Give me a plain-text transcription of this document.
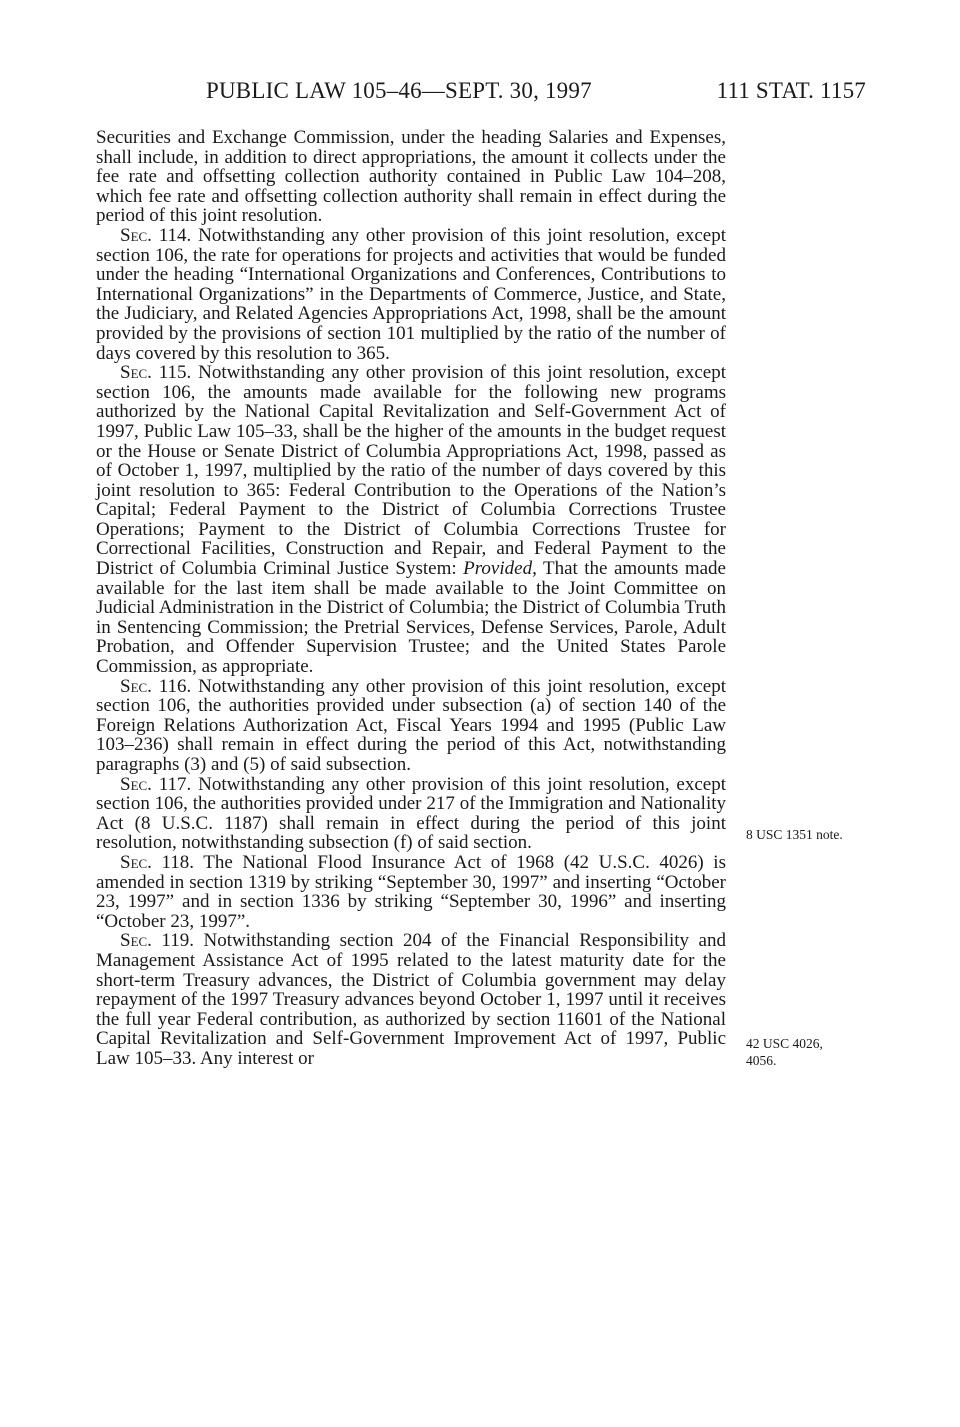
PUBLIC LAW 105–46—SEPT. 30, 1997	111 STAT. 1157

Securities and Exchange Commission, under the heading Salaries and Expenses, shall include, in addition to direct appropriations, the amount it collects under the fee rate and offsetting collection authority contained in Public Law 104–208, which fee rate and offsetting collection authority shall remain in effect during the period of this joint resolution.

Sec. 114. Notwithstanding any other provision of this joint resolution, except section 106, the rate for operations for projects and activities that would be funded under the heading “International Organizations and Conferences, Contributions to International Organizations” in the Departments of Commerce, Justice, and State, the Judiciary, and Related Agencies Appropriations Act, 1998, shall be the amount provided by the provisions of section 101 multiplied by the ratio of the number of days covered by this resolution to 365.

Sec. 115. Notwithstanding any other provision of this joint resolution, except section 106, the amounts made available for the following new programs authorized by the National Capital Revitalization and Self-Government Act of 1997, Public Law 105–33, shall be the higher of the amounts in the budget request or the House or Senate District of Columbia Appropriations Act, 1998, passed as of October 1, 1997, multiplied by the ratio of the number of days covered by this joint resolution to 365: Federal Contribution to the Operations of the Nation’s Capital; Federal Payment to the District of Columbia Corrections Trustee Operations; Payment to the District of Columbia Corrections Trustee for Correctional Facilities, Construction and Repair, and Federal Payment to the District of Columbia Criminal Justice System: Provided, That the amounts made available for the last item shall be made available to the Joint Committee on Judicial Administration in the District of Columbia; the District of Columbia Truth in Sentencing Commission; the Pretrial Services, Defense Services, Parole, Adult Probation, and Offender Supervision Trustee; and the United States Parole Commission, as appropriate.

Sec. 116. Notwithstanding any other provision of this joint resolution, except section 106, the authorities provided under subsection (a) of section 140 of the Foreign Relations Authorization Act, Fiscal Years 1994 and 1995 (Public Law 103–236) shall remain in effect during the period of this Act, notwithstanding paragraphs (3) and (5) of said subsection.

Sec. 117. Notwithstanding any other provision of this joint resolution, except section 106, the authorities provided under 217 of the Immigration and Nationality Act (8 U.S.C. 1187) shall remain in effect during the period of this joint resolution, notwithstanding subsection (f) of said section.

Sec. 118. The National Flood Insurance Act of 1968 (42 U.S.C. 4026) is amended in section 1319 by striking “September 30, 1997” and inserting “October 23, 1997” and in section 1336 by striking “September 30, 1996” and inserting “October 23, 1997”.

Sec. 119. Notwithstanding section 204 of the Financial Responsibility and Management Assistance Act of 1995 related to the latest maturity date for the short-term Treasury advances, the District of Columbia government may delay repayment of the 1997 Treasury advances beyond October 1, 1997 until it receives the full year Federal contribution, as authorized by section 11601 of the National Capital Revitalization and Self-Government Improvement Act of 1997, Public Law 105–33. Any interest or

8 USC 1351 note.
42 USC 4026, 4056.
